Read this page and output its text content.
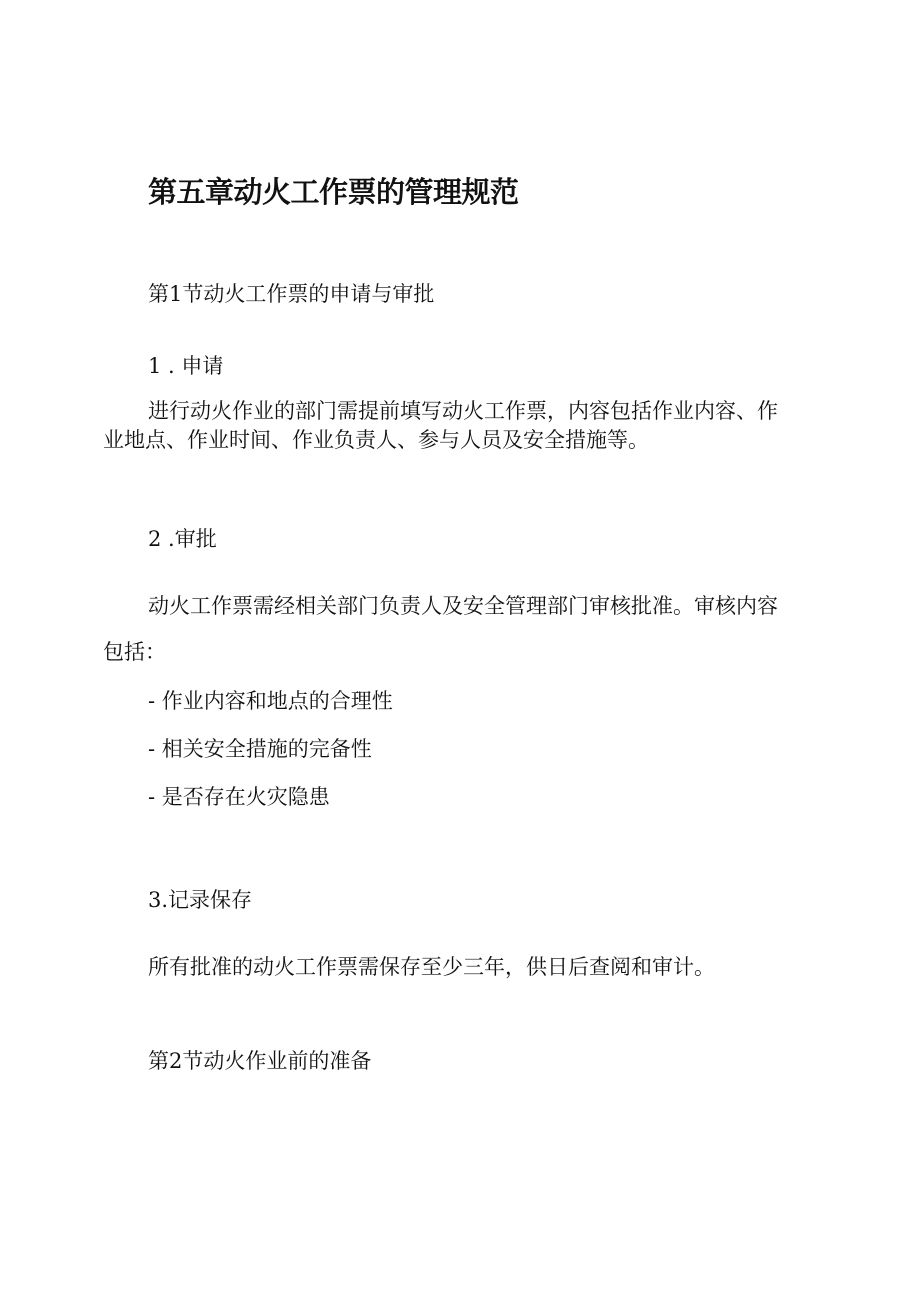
第五章动火工作票的管理规范
第1节动火工作票的申请与审批
1 . 申请
进行动火作业的部门需提前填写动火工作票，内容包括作业内容、作
业地点、作业时间、作业负责人、参与人员及安全措施等。
2 .审批
动火工作票需经相关部门负责人及安全管理部门审核批准。审核内容
包括：
- 作业内容和地点的合理性
- 相关安全措施的完备性
- 是否存在火灾隐患
3.记录保存
所有批准的动火工作票需保存至少三年，供日后查阅和审计。
第2节动火作业前的准备
